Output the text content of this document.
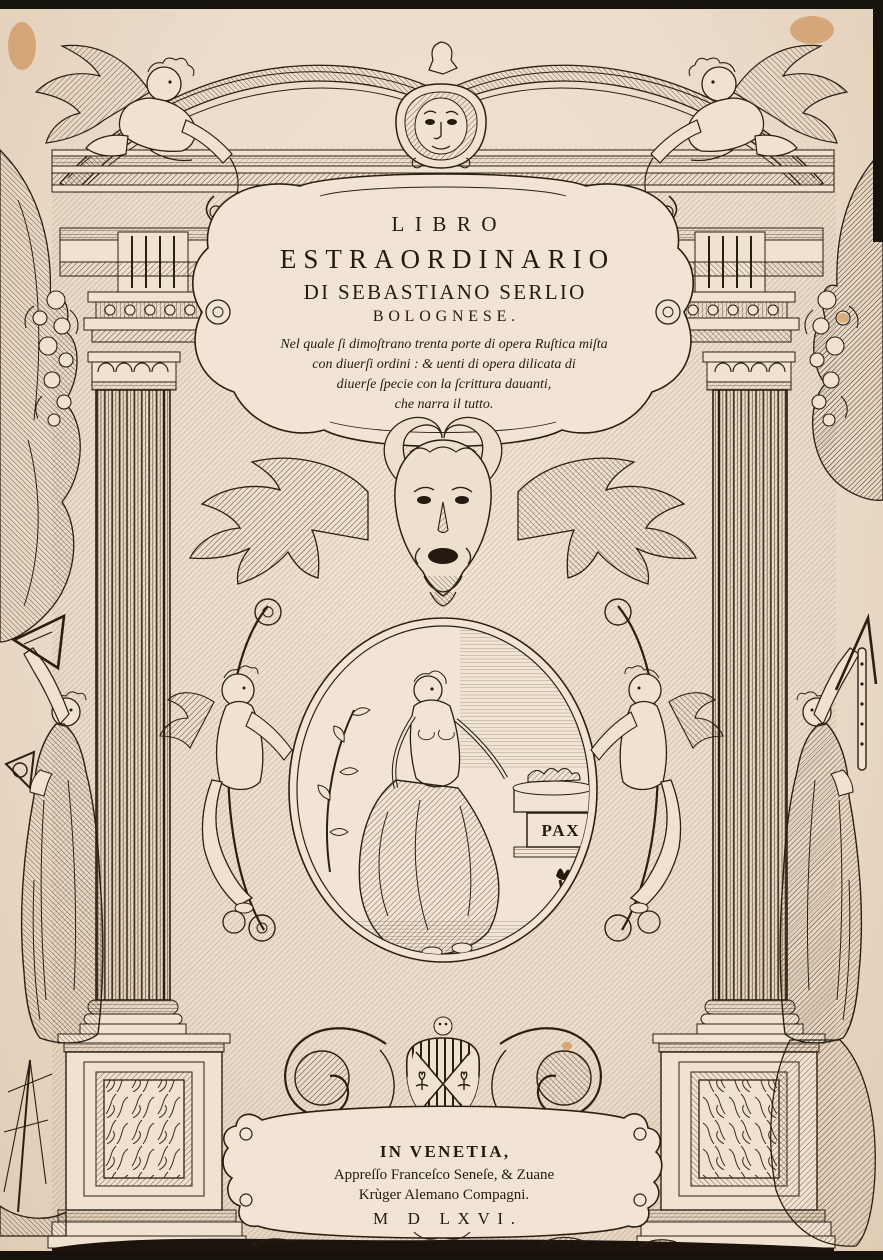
LIBRO
ESTRAORDINARIO
DI SEBASTIANO SERLIO
BOLOGNESE.
Nel quale ſi dimoſtrano trenta porte di opera Ruſtica miſta
con diuerſi ordini : & uenti di opera dilicata di
diuerſe ſpecie con la ſcrittura dauanti,
che narra il tutto.
PAX
IN VENETIA,
Appreſſo Franceſco Seneſe, & Zuane
Krùger Alemano Compagni.
M D LXVI.
